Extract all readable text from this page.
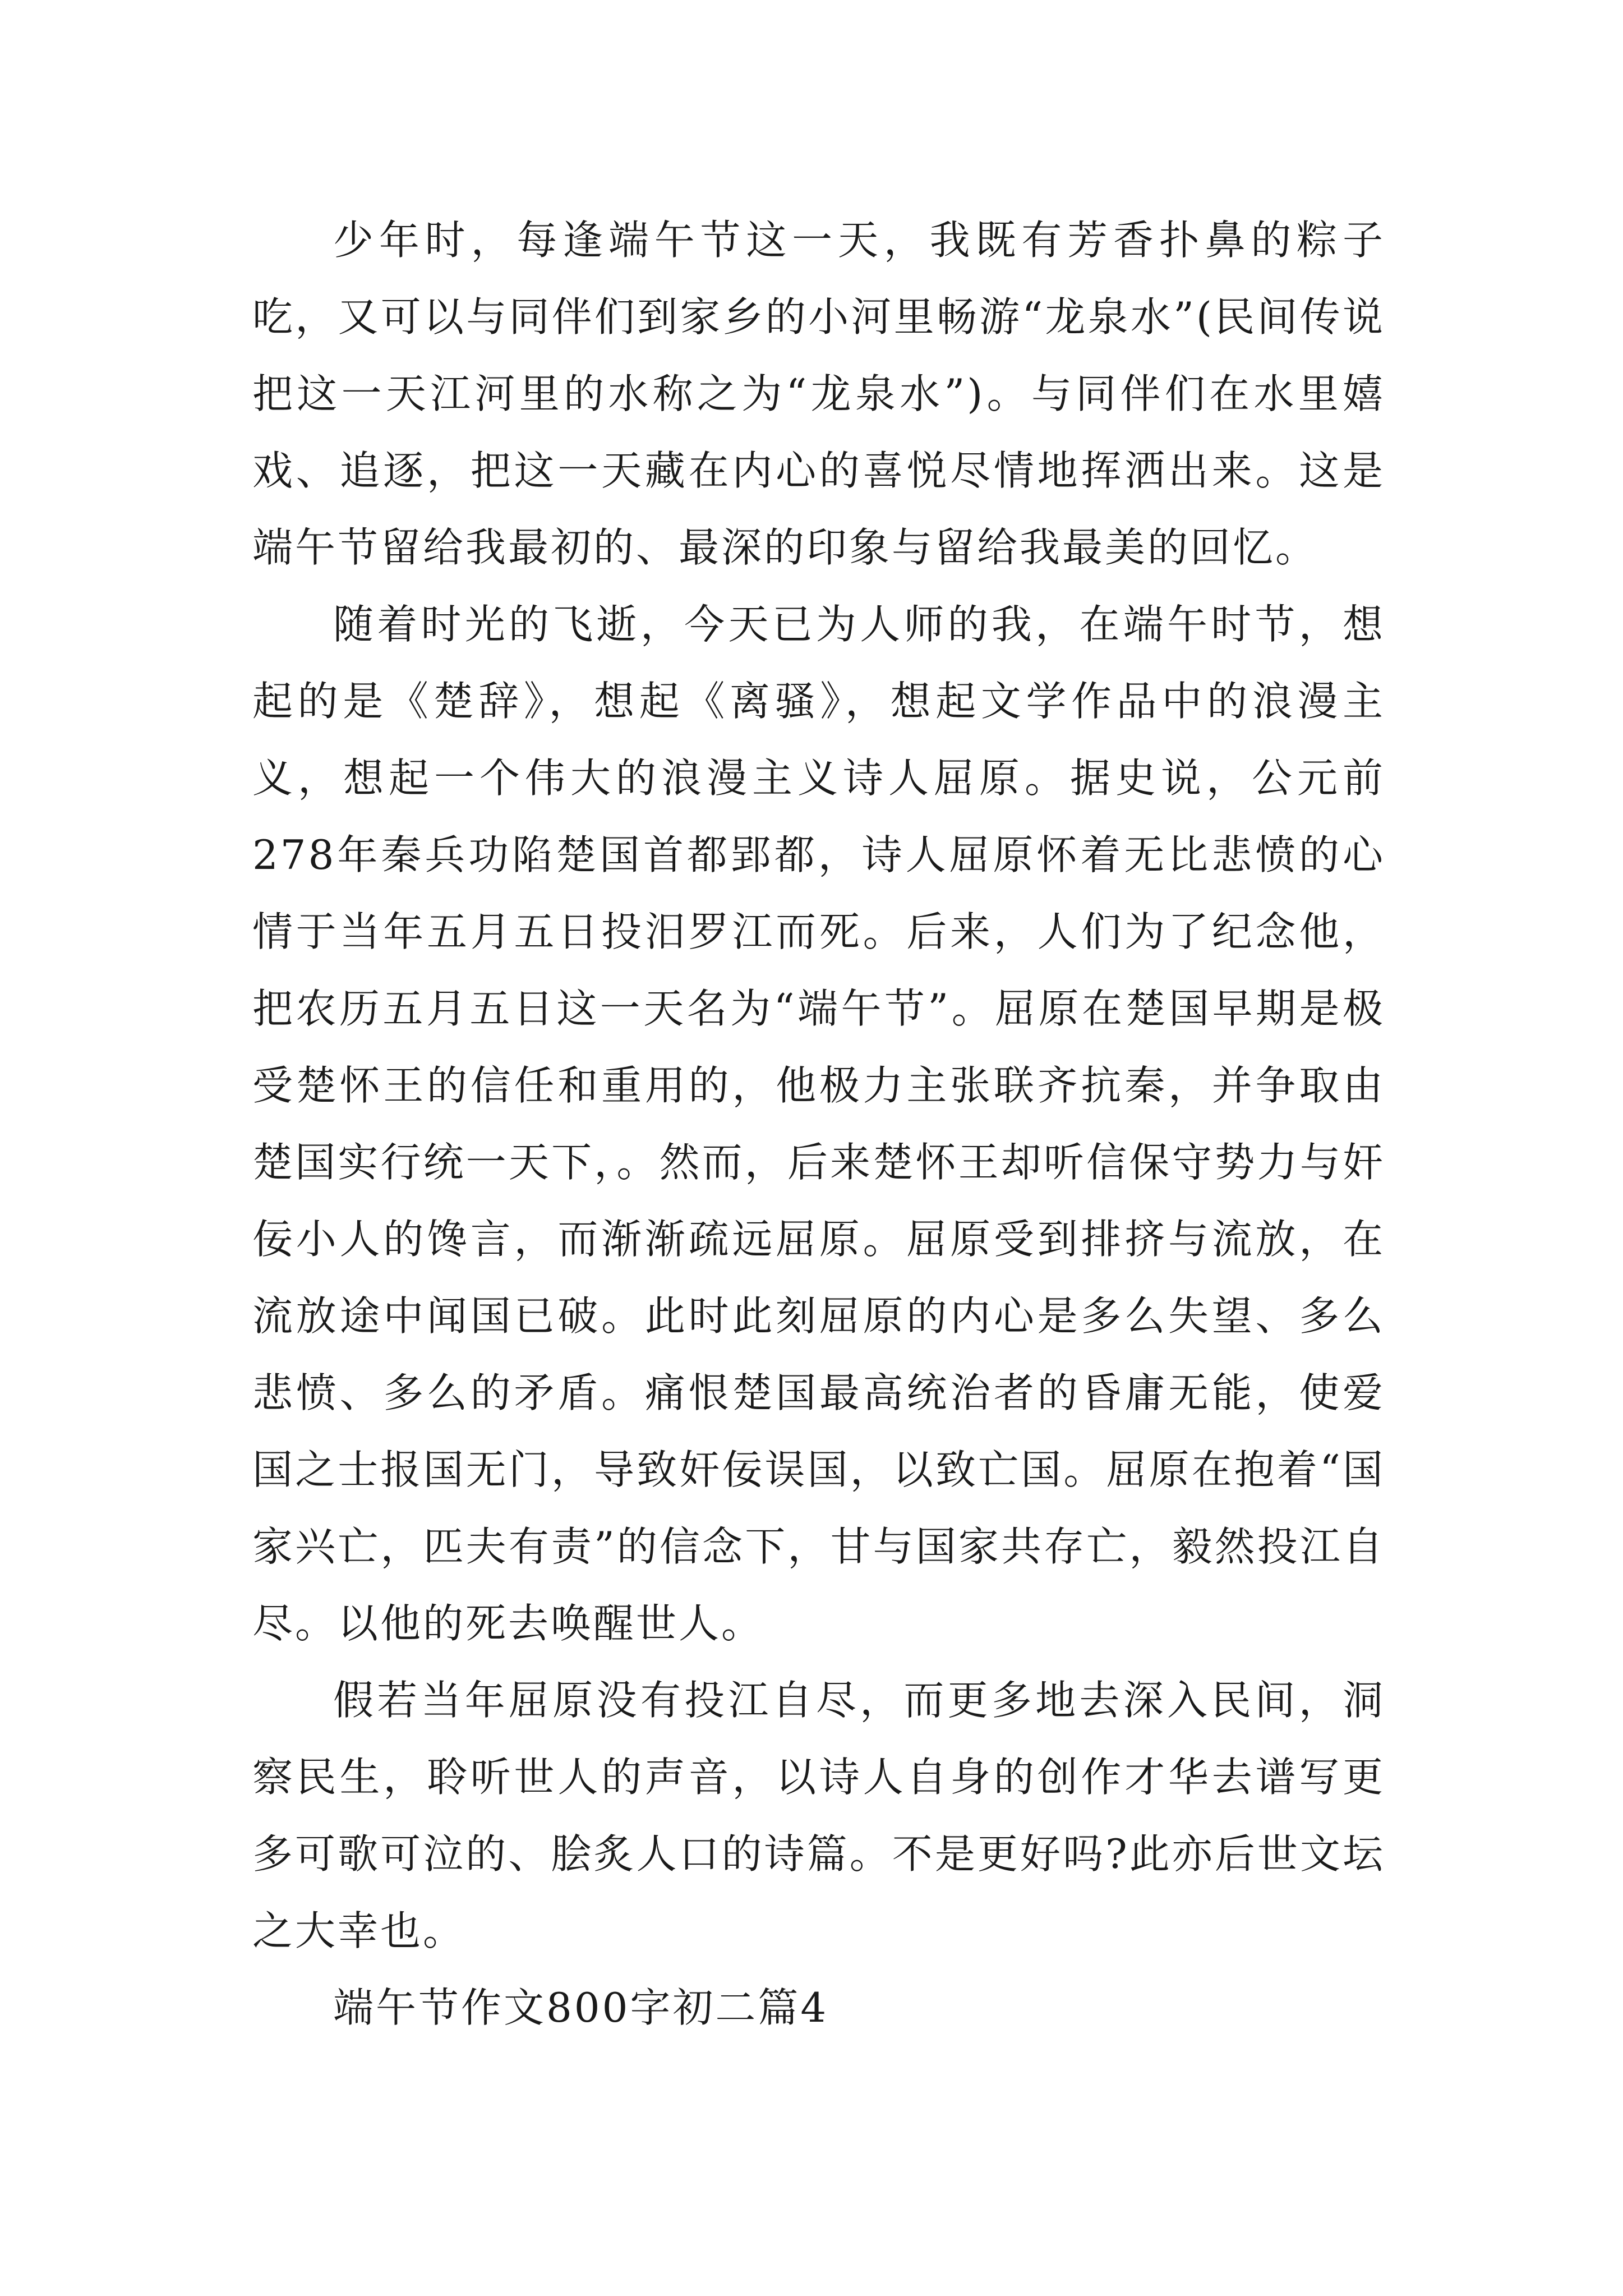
少年时，每逢端午节这一天，我既有芳香扑鼻的粽子吃，又可以与同伴们到家乡的小河里畅游“龙泉水”(民间传说把这一天江河里的水称之为“龙泉水”)。与同伴们在水里嬉戏、追逐，把这一天藏在内心的喜悦尽情地挥洒出来。这是端午节留给我最初的、最深的印象与留给我最美的回忆。

随着时光的飞逝，今天已为人师的我，在端午时节，想起的是《楚辞》，想起《离骚》，想起文学作品中的浪漫主义，想起一个伟大的浪漫主义诗人屈原。据史说，公元前278年秦兵功陷楚国首都郢都，诗人屈原怀着无比悲愤的心情于当年五月五日投汨罗江而死。后来，人们为了纪念他，把农历五月五日这一天名为“端午节”。屈原在楚国早期是极受楚怀王的信任和重用的，他极力主张联齐抗秦，并争取由楚国实行统一天下，。然而，后来楚怀王却听信保守势力与奸佞小人的馋言，而渐渐疏远屈原。屈原受到排挤与流放，在流放途中闻国已破。此时此刻屈原的内心是多么失望、多么悲愤、多么的矛盾。痛恨楚国最高统治者的昏庸无能，使爱国之士报国无门，导致奸佞误国，以致亡国。屈原在抱着“国家兴亡，匹夫有责”的信念下，甘与国家共存亡，毅然投江自尽。以他的死去唤醒世人。

假若当年屈原没有投江自尽，而更多地去深入民间，洞察民生，聆听世人的声音，以诗人自身的创作才华去谱写更多可歌可泣的、脍炙人口的诗篇。不是更好吗?此亦后世文坛之大幸也。

端午节作文800字初二篇4
